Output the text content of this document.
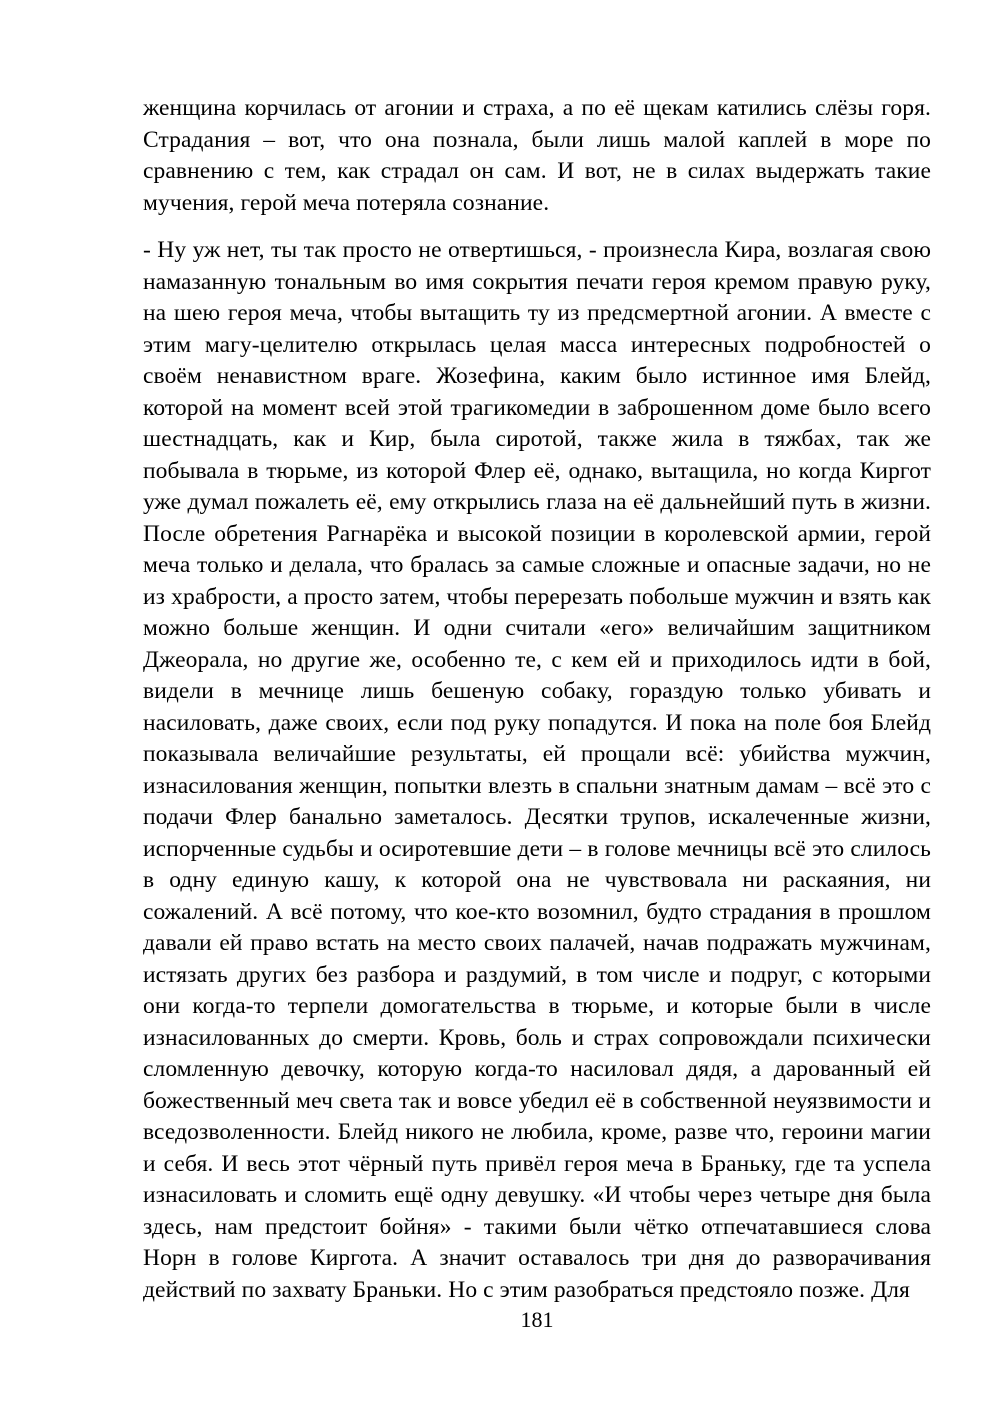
женщина корчилась от агонии и страха, а по её щекам катились слёзы горя. Страдания – вот, что она познала, были лишь малой каплей в море по сравнению с тем, как страдал он сам. И вот, не в силах выдержать такие мучения, герой меча потеряла сознание.

- Ну уж нет, ты так просто не отвертишься, - произнесла Кира, возлагая свою намазанную тональным во имя сокрытия печати героя кремом правую руку, на шею героя меча, чтобы вытащить ту из предсмертной агонии. А вместе с этим магу-целителю открылась целая масса интересных подробностей о своём ненавистном враге. Жозефина, каким было истинное имя Блейд, которой на момент всей этой трагикомедии в заброшенном доме было всего шестнадцать, как и Кир, была сиротой, также жила в тяжбах, так же побывала в тюрьме, из которой Флер её, однако, вытащила, но когда Киргот уже думал пожалеть её, ему открылись глаза на её дальнейший путь в жизни. После обретения Рагнарёка и высокой позиции в королевской армии, герой меча только и делала, что бралась за самые сложные и опасные задачи, но не из храбрости, а просто затем, чтобы перерезать побольше мужчин и взять как можно больше женщин. И одни считали «его» величайшим защитником Джеорала, но другие же, особенно те, с кем ей и приходилось идти в бой, видели в мечнице лишь бешеную собаку, гораздую только убивать и насиловать, даже своих, если под руку попадутся. И пока на поле боя Блейд показывала величайшие результаты, ей прощали всё: убийства мужчин, изнасилования женщин, попытки влезть в спальни знатным дамам – всё это с подачи Флер банально заметалось. Десятки трупов, искалеченные жизни, испорченные судьбы и осиротевшие дети – в голове мечницы всё это слилось в одну единую кашу, к которой она не чувствовала ни раскаяния, ни сожалений. А всё потому, что кое-кто возомнил, будто страдания в прошлом давали ей право встать на место своих палачей, начав подражать мужчинам, истязать других без разбора и раздумий, в том числе и подруг, с которыми они когда-то терпели домогательства в тюрьме, и которые были в числе изнасилованных до смерти. Кровь, боль и страх сопровождали психически сломленную девочку, которую когда-то насиловал дядя, а дарованный ей божественный меч света так и вовсе убедил её в собственной неуязвимости и вседозволенности. Блейд никого не любила, кроме, разве что, героини магии и себя. И весь этот чёрный путь привёл героя меча в Браньку, где та успела изнасиловать и сломить ещё одну девушку. «И чтобы через четыре дня была здесь, нам предстоит бойня» - такими были чётко отпечатавшиеся слова Норн в голове Киргота. А значит оставалось три дня до разворачивания действий по захвату Браньки. Но с этим разобраться предстояло позже. Для

181
